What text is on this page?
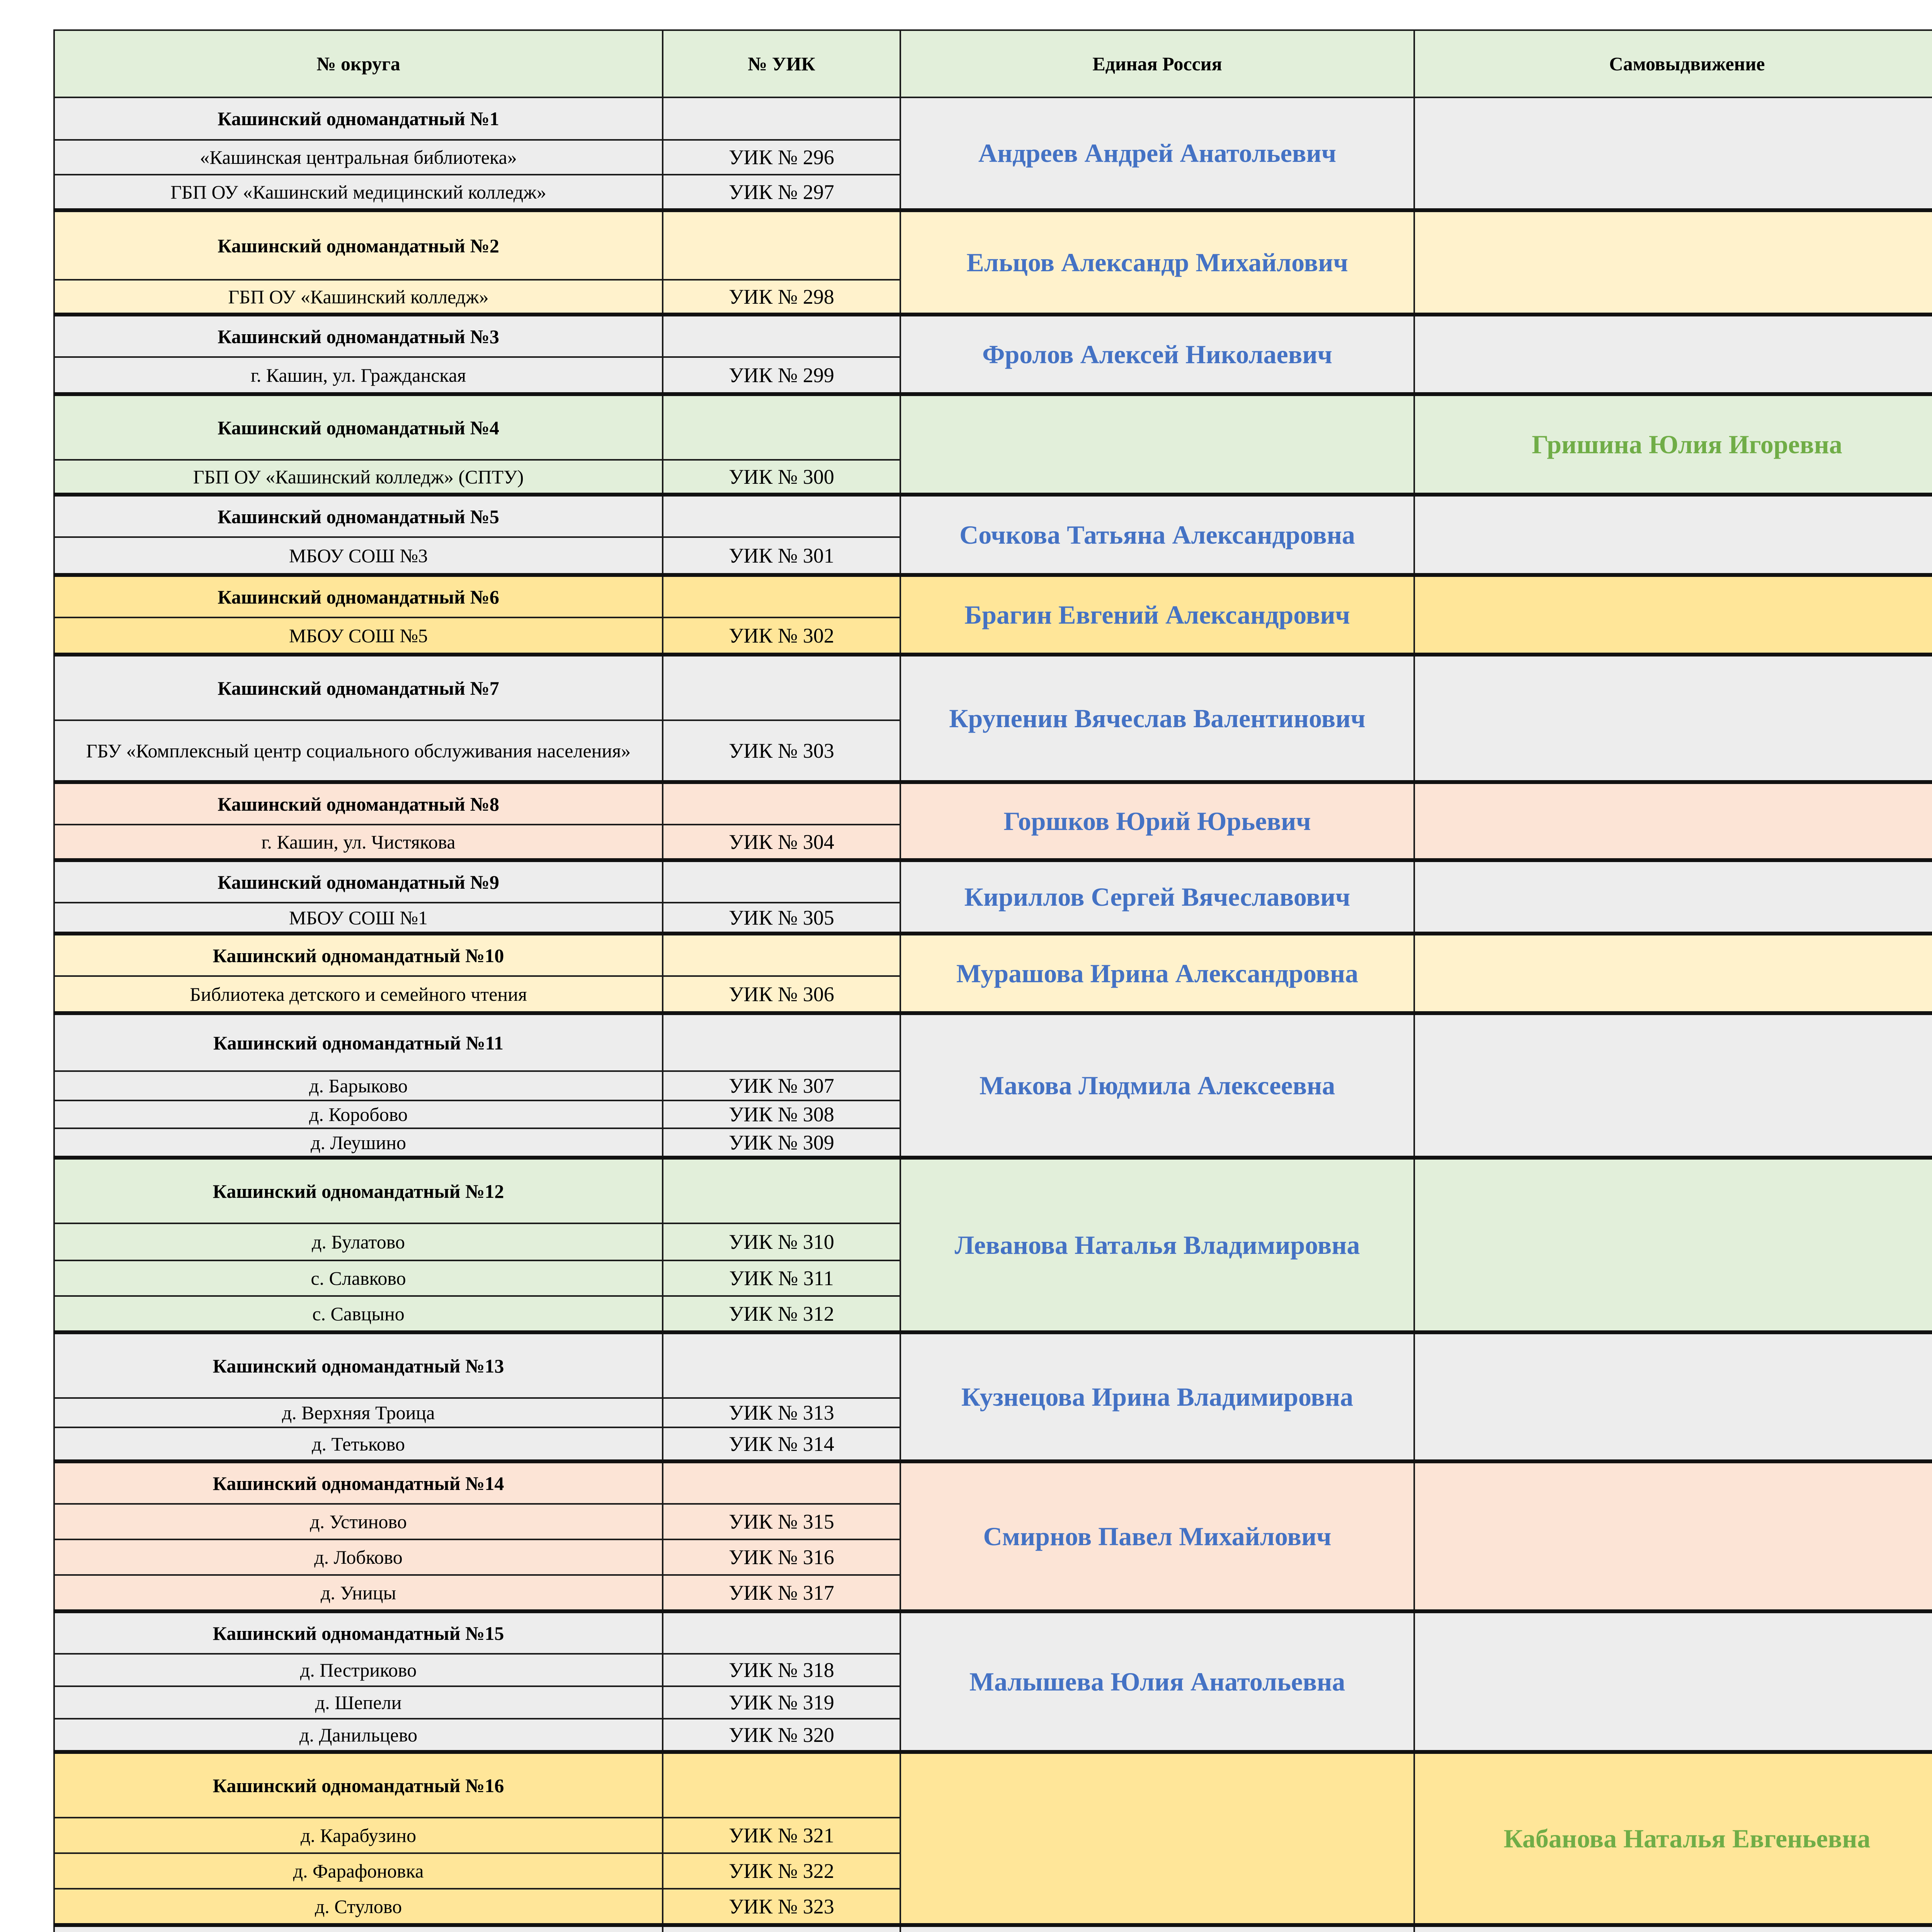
№ округа	№ УИК	Единая Россия	Самовыдвижение
Кашинский одномандатный №1		Андреев Андрей Анатольевич	
«Кашинская центральная библиотека»	УИК № 296		
ГБП ОУ «Кашинский медицинский колледж»	УИК № 297		
Кашинский одномандатный №2		Ельцов Александр Михайлович	
ГБП ОУ «Кашинский колледж»	УИК № 298		
Кашинский одномандатный №3		Фролов Алексей Николаевич	
г. Кашин, ул. Гражданская	УИК № 299		
Кашинский одномандатный №4			Гришина Юлия Игоревна
ГБП ОУ «Кашинский колледж» (СПТУ)	УИК № 300		
Кашинский одномандатный №5		Сочкова Татьяна Александровна	
МБОУ СОШ №3	УИК № 301		
Кашинский одномандатный №6		Брагин Евгений Александрович	
МБОУ СОШ №5	УИК № 302		
Кашинский одномандатный №7		Крупенин Вячеслав Валентинович	
ГБУ «Комплексный центр социального обслуживания населения»	УИК № 303		
Кашинский одномандатный №8		Горшков Юрий Юрьевич	
г. Кашин, ул. Чистякова	УИК № 304		
Кашинский одномандатный №9		Кириллов Сергей Вячеславович	
МБОУ СОШ №1	УИК № 305		
Кашинский одномандатный №10		Мурашова Ирина Александровна	
Библиотека детского и семейного чтения	УИК № 306		
Кашинский одномандатный №11		Макова Людмила Алексеевна	
д. Барыково	УИК № 307		
д. Коробово	УИК № 308		
д. Леушино	УИК № 309		
Кашинский одномандатный №12		Леванова Наталья Владимировна	
д. Булатово	УИК № 310		
с. Славково	УИК № 311		
с. Савцыно	УИК № 312		
Кашинский одномандатный №13		Кузнецова Ирина Владимировна	
д. Верхняя Троица	УИК № 313		
д. Тетьково	УИК № 314		
Кашинский одномандатный №14		Смирнов Павел Михайлович	
д. Устиново	УИК № 315		
д. Лобково	УИК № 316		
д. Уницы	УИК № 317		
Кашинский одномандатный №15		Малышева Юлия Анатольевна	
д. Пестриково	УИК № 318		
д. Шепели	УИК № 319		
д. Данильцево	УИК № 320		
Кашинский одномандатный №16			Кабанова Наталья Евгеньевна
д. Карабузино	УИК № 321		
д. Фарафоновка	УИК № 322		
д. Стулово	УИК № 323		
